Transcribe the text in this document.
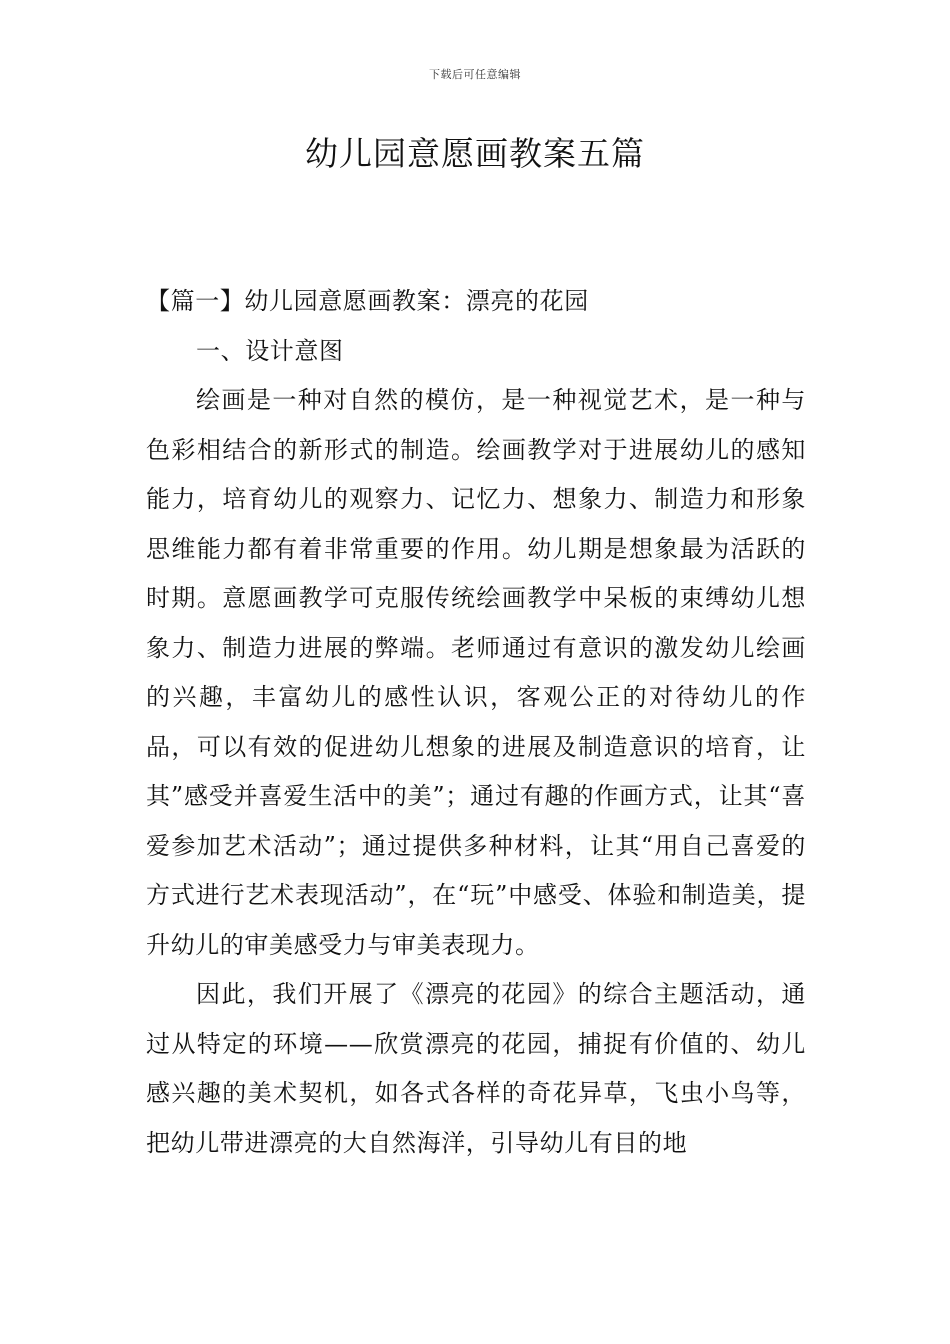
下载后可任意编辑
幼儿园意愿画教案五篇

【篇一】幼儿园意愿画教案：漂亮的花园

一、设计意图

绘画是一种对自然的模仿，是一种视觉艺术，是一种与色彩相结合的新形式的制造。绘画教学对于进展幼儿的感知能力，培育幼儿的观察力、记忆力、想象力、制造力和形象思维能力都有着非常重要的作用。幼儿期是想象最为活跃的时期。意愿画教学可克服传统绘画教学中呆板的束缚幼儿想象力、制造力进展的弊端。老师通过有意识的激发幼儿绘画的兴趣，丰富幼儿的感性认识，客观公正的对待幼儿的作品，可以有效的促进幼儿想象的进展及制造意识的培育，让其”感受并喜爱生活中的美”；通过有趣的作画方式，让其“喜爱参加艺术活动”；通过提供多种材料，让其“用自己喜爱的方式进行艺术表现活动”，在“玩”中感受、体验和制造美，提升幼儿的审美感受力与审美表现力。

因此，我们开展了《漂亮的花园》的综合主题活动，通过从特定的环境——欣赏漂亮的花园，捕捉有价值的、幼儿感兴趣的美术契机，如各式各样的奇花异草，飞虫小鸟等，把幼儿带进漂亮的大自然海洋，引导幼儿有目的地
